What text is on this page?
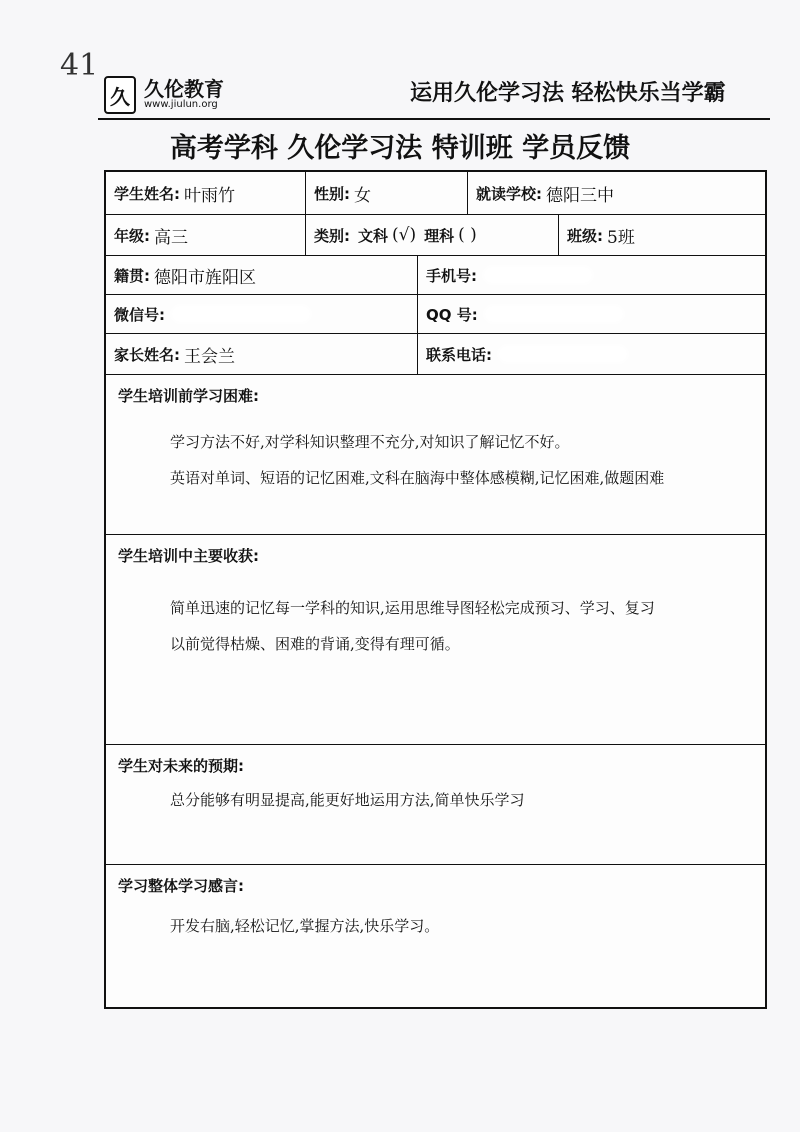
41
久 久伦教育
www.jiulun.org	运用久伦学习法 轻松快乐当学霸
高考学科 久伦学习法 特训班 学员反馈
学生姓名: 叶雨竹	性别: 女	就读学校: 德阳三中
年级: 高三	类别: 文科 (√) 理科 ( )	班级: 5班
籍贯: 德阳市旌阳区	手机号:
微信号:	QQ 号:
家长姓名: 王会兰	联系电话:
学生培训前学习困难:
学习方法不好,对学科知识整理不充分,对知识了解记忆不好。
英语对单词、短语的记忆困难,文科在脑海中整体感模糊,记忆困难,做题困难
学生培训中主要收获:
简单迅速的记忆每一学科的知识,运用思维导图轻松完成预习、学习、复习
以前觉得枯燥、困难的背诵,变得有理可循。
学生对未来的预期:
总分能够有明显提高,能更好地运用方法,简单快乐学习
学习整体学习感言:
开发右脑,轻松记忆,掌握方法,快乐学习。
